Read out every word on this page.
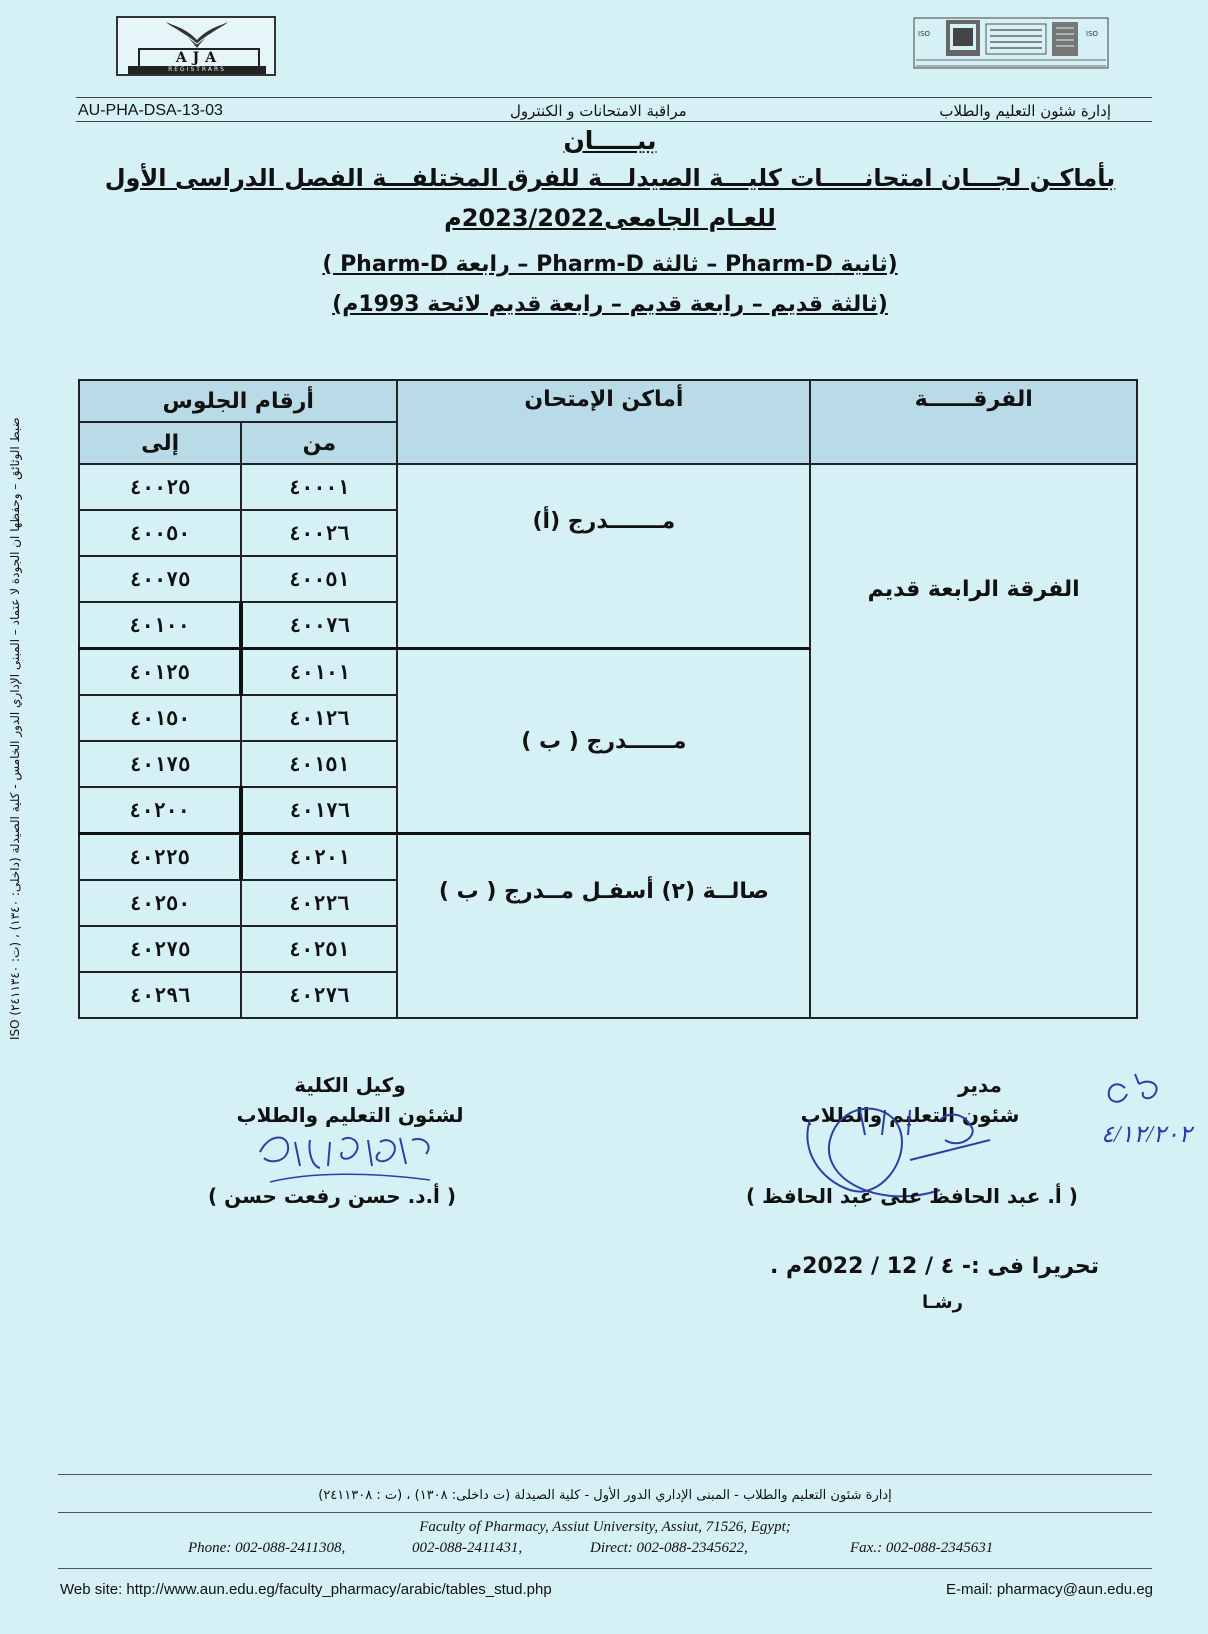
AJA
REGISTRARS
ISO	ISO
AU-PHA-DSA-13-03	مراقبة الامتحانات و الكنترول	إدارة شئون التعليم والطلاب
بيـــــان
بأماكـن لجـــان امتحانـــــات كليـــة الصيدلـــة للفرق المختلفـــة الفصل الدراسى الأول
للعـام الجامعى2023/2022م
(ثانية Pharm-D – ثالثة Pharm-D – رابعة Pharm-D )
(ثالثة قديم – رابعة قديم – رابعة قديم لائحة 1993م)
ضبط الوثائق – وحفظها ان الجودة لا عتماد – المبنى الإداري الدور الخامس - كلية الصيدلة (داخلى: ١٣٤٠) ، (ت: ٢٤١١٣٤٠) ISO
أرقام الجلوس		أماكن الإمتحان	الفرقــــــة
إلى	من		
٤٠٠٢٥	٤٠٠٠١	مـــــــدرج (أ)	الفرقة الرابعة قديم
٤٠٠٥٠	٤٠٠٢٦		
٤٠٠٧٥	٤٠٠٥١		
٤٠١٠٠	٤٠٠٧٦		
٤٠١٢٥	٤٠١٠١	مــــــدرج ( ب )	
٤٠١٥٠	٤٠١٢٦		
٤٠١٧٥	٤٠١٥١		
٤٠٢٠٠	٤٠١٧٦		
٤٠٢٢٥	٤٠٢٠١	صالــة (٢) أسفـل مــدرج ( ب )	
٤٠٢٥٠	٤٠٢٢٦		
٤٠٢٧٥	٤٠٢٥١		
٤٠٢٩٦	٤٠٢٧٦		
مدير
شئون التعليم والطلاب
وكيل الكلية
لشئون التعليم والطلاب
( أ. عبد الحافظ على عبد الحافظ )
( أ.د. حسن رفعت حسن )
٤/١٢/٢٠٢
تحريرا فى :- ٤ / 12 / 2022م .
رشـا
إدارة شئون التعليم والطلاب - المبنى الإداري الدور الأول - كلية الصيدلة (ت داخلى: ١٣٠٨) ، (ت : ٢٤١١٣٠٨)
Faculty of Pharmacy, Assiut University, Assiut, 71526, Egypt;
Phone: 002-088-2411308,	002-088-2411431,	Direct: 002-088-2345622,	Fax.: 002-088-2345631
Web site: http://www.aun.edu.eg/faculty_pharmacy/arabic/tables_stud.php	E-mail: pharmacy@aun.edu.eg
